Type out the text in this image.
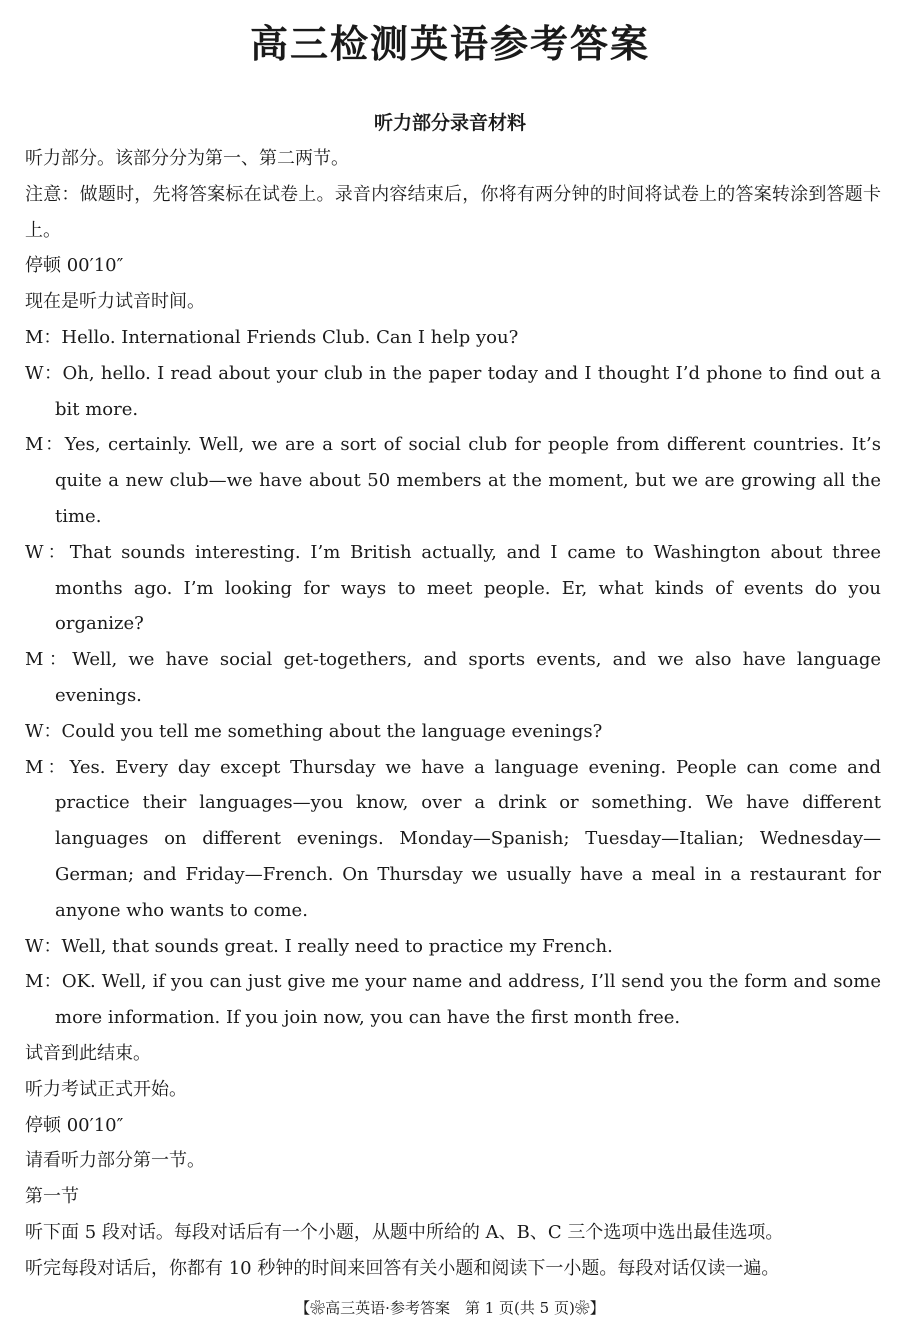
高三检测英语参考答案
听力部分录音材料

听力部分。该部分分为第一、第二两节。

注意：做题时，先将答案标在试卷上。录音内容结束后，你将有两分钟的时间将试卷上的答案转涂到答题卡上。

停顿 00′10″

现在是听力试音时间。

M：Hello. International Friends Club. Can I help you?

W：Oh, hello. I read about your club in the paper today and I thought I’d phone to find out a bit more.

M：Yes, certainly. Well, we are a sort of social club for people from different countries. It’s quite a new club—we have about 50 members at the moment, but we are growing all the time.

W：That sounds interesting. I’m British actually, and I came to Washington about three months ago. I’m looking for ways to meet people. Er, what kinds of events do you organize?

M：Well, we have social get-togethers, and sports events, and we also have language evenings.

W：Could you tell me something about the language evenings?

M：Yes. Every day except Thursday we have a language evening. People can come and practice their languages—you know, over a drink or something. We have different languages on different evenings. Monday—Spanish; Tuesday—Italian; Wednesday—German; and Friday—French. On Thursday we usually have a meal in a restaurant for anyone who wants to come.

W：Well, that sounds great. I really need to practice my French.

M：OK. Well, if you can just give me your name and address, I’ll send you the form and some more information. If you join now, you can have the first month free.

试音到此结束。

听力考试正式开始。

停顿 00′10″

请看听力部分第一节。

第一节

听下面 5 段对话。每段对话后有一个小题，从题中所给的 A、B、C 三个选项中选出最佳选项。

听完每段对话后，你都有 10 秒钟的时间来回答有关小题和阅读下一小题。每段对话仅读一遍。

【❀高三英语·参考答案　第 1 页(共 5 页)❀】
